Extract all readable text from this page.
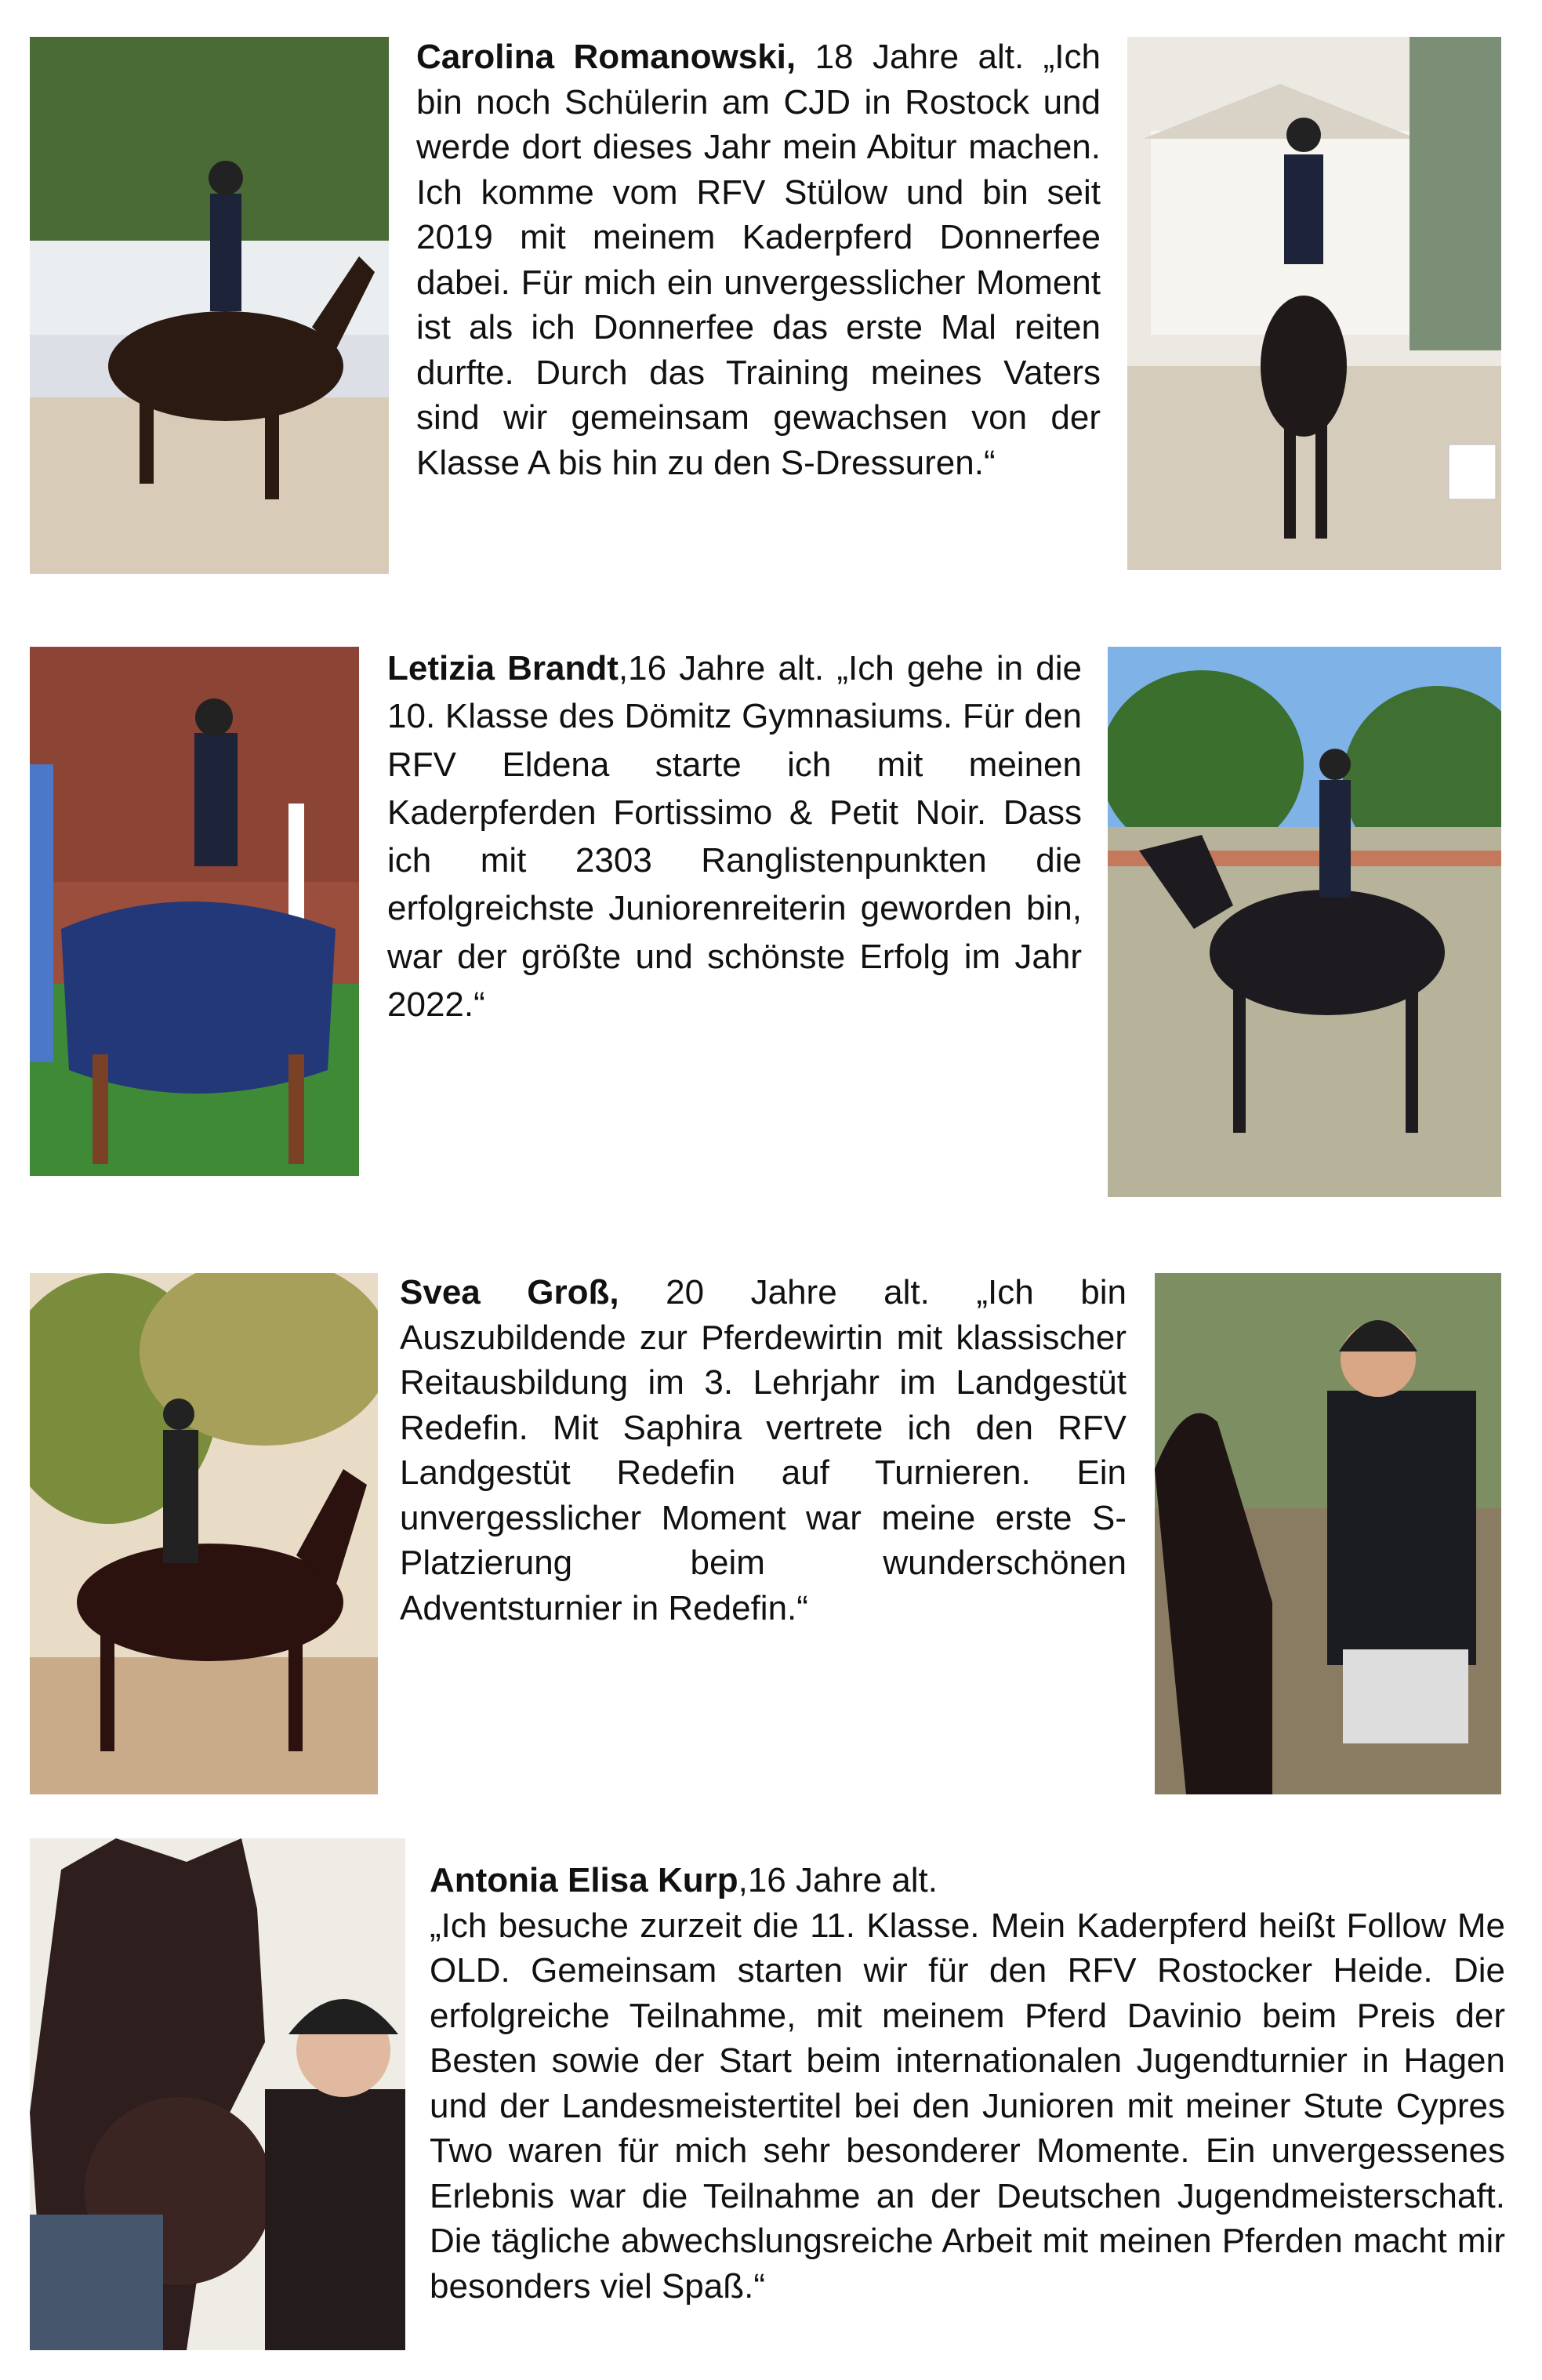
Carolina Romanowski, 18 Jahre alt. „Ich bin noch Schülerin am CJD in Rostock und werde dort dieses Jahr mein Abitur machen. Ich komme vom RFV Stülow und bin seit 2019 mit meinem Kaderpferd Donnerfee dabei. Für mich ein unvergesslicher Moment ist als ich Donnerfee das erste Mal reiten durfte. Durch das Training meines Vaters sind wir gemeinsam gewachsen von der Klasse A bis hin zu den S-Dressuren.“
Letizia Brandt,16 Jahre alt. „Ich gehe in die 10. Klasse des Dömitz Gymnasiums. Für den RFV Eldena starte ich mit meinen Kaderpferden Fortissimo & Petit Noir. Dass ich mit 2303 Ranglistenpunkten die erfolgreichste Juniorenreiterin geworden bin, war der größte und schönste Erfolg im Jahr 2022.“
Svea Groß, 20 Jahre alt. „Ich bin Auszubildende zur Pferdewirtin mit klassischer Reitausbildung im 3. Lehrjahr im Landgestüt Redefin. Mit Saphira vertrete ich den RFV Landgestüt Redefin auf Turnieren. Ein unvergesslicher Moment war meine erste S-Platzierung beim wunderschönen Adventsturnier in Redefin.“
Antonia Elisa Kurp,16 Jahre alt.
„Ich besuche zurzeit die 11. Klasse. Mein Kaderpferd heißt Follow Me OLD. Gemeinsam starten wir für den RFV Rostocker Heide. Die erfolgreiche Teilnahme, mit meinem Pferd Davinio beim Preis der Besten sowie der Start beim internationalen Jugendturnier in Hagen und der Landesmeistertitel bei den Junioren mit meiner Stute Cypres Two waren für mich sehr besonderer Momente. Ein unvergessenes Erlebnis war die Teilnahme an der Deutschen Jugendmeisterschaft. Die tägliche abwechslungsreiche Arbeit mit meinen Pferden macht mir besonders viel Spaß.“
